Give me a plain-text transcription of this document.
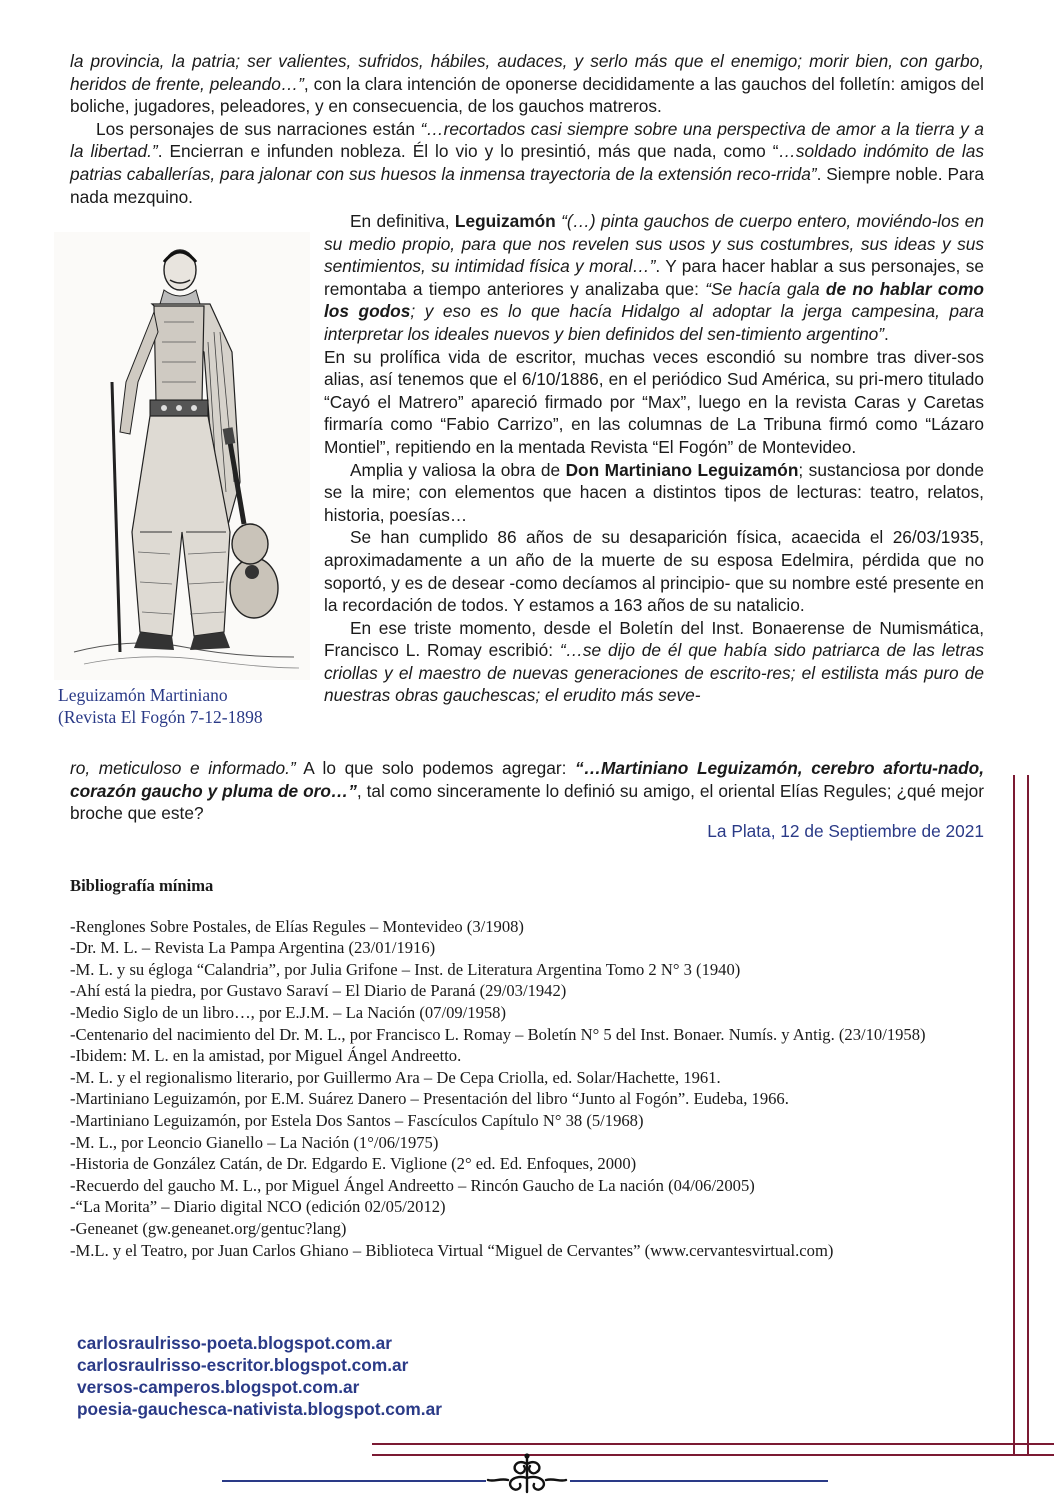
la provincia, la patria; ser valientes, sufridos, hábiles, audaces, y serlo más que el enemigo; morir bien, con garbo, heridos de frente, peleando…”, con la clara intención de oponerse decididamente a las gauchos del folletín: amigos del boliche, jugadores, peleadores, y en consecuencia, de los gauchos matreros.

Los personajes de sus narraciones están “…recortados casi siempre sobre una perspectiva de amor a la tierra y a la libertad.”. Encierran e infunden nobleza. Él lo vio y lo presintió, más que nada, como “…soldado indómito de las patrias caballerías, para jalonar con sus huesos la inmensa trayectoria de la extensión reco-rrida”. Siempre noble. Para nada mezquino.

Leguizamón Martiniano
(Revista El Fogón 7-12-1898

En definitiva, Leguizamón “(…) pinta gauchos de cuerpo entero, moviéndo-los en su medio propio, para que nos revelen sus usos y sus costumbres, sus ideas y sus sentimientos, su intimidad física y moral…”. Y para hacer hablar a sus personajes, se remontaba a tiempo anteriores y analizaba que: “Se hacía gala de no hablar como los godos; y eso es lo que hacía Hidalgo al adoptar la jerga campesina, para interpretar los ideales nuevos y bien definidos del sen-timiento argentino”.

En su prolífica vida de escritor, muchas veces escondió su nombre tras diver-sos alias, así tenemos que el 6/10/1886, en el periódico Sud América, su pri-mero titulado “Cayó el Matrero” apareció firmado por “Max”, luego en la revista Caras y Caretas firmaría como “Fabio Carrizo”, en las columnas de La Tribuna firmó como “Lázaro Montiel”, repitiendo en la mentada Revista “El Fogón” de Montevideo.

Amplia y valiosa la obra de Don Martiniano Leguizamón; sustanciosa por donde se la mire; con elementos que hacen a distintos tipos de lecturas: teatro, relatos, historia, poesías…

Se han cumplido 86 años de su desaparición física, acaecida el 26/03/1935, aproximadamente a un año de la muerte de su esposa Edelmira, pérdida que no soportó, y es de desear -como decíamos al principio- que su nombre esté presente en la recordación de todos. Y estamos a 163 años de su natalicio.

En ese triste momento, desde el Boletín del Inst. Bonaerense de Numismática, Francisco L. Romay escribió: “…se dijo de él que había sido patriarca de las letras criollas y el maestro de nuevas generaciones de escrito-res; el estilista más puro de nuestras obras gauchescas; el erudito más seve-

ro, meticuloso e informado.” A lo que solo podemos agregar: “…Martiniano Leguizamón, cerebro afortu-nado, corazón gaucho y pluma de oro…”, tal como sinceramente lo definió su amigo, el oriental Elías Regules; ¿qué mejor broche que este?

La Plata, 12 de Septiembre de 2021
Bibliografía mínima
-Renglones Sobre Postales, de Elías Regules – Montevideo (3/1908)
-Dr. M. L. – Revista La Pampa Argentina (23/01/1916)
-M. L. y su égloga “Calandria”, por Julia Grifone – Inst. de Literatura Argentina Tomo 2 N° 3 (1940)
-Ahí está la piedra, por Gustavo Saraví – El Diario de Paraná (29/03/1942)
-Medio Siglo de un libro…, por E.J.M. – La Nación (07/09/1958)
-Centenario del nacimiento del Dr. M. L., por Francisco L. Romay – Boletín N° 5 del Inst. Bonaer. Numís. y Antig. (23/10/1958)
-Ibidem: M. L. en la amistad, por Miguel Ángel Andreetto.
-M. L. y el regionalismo literario, por Guillermo Ara – De Cepa Criolla, ed. Solar/Hachette, 1961.
-Martiniano Leguizamón, por E.M. Suárez Danero – Presentación del libro “Junto al Fogón”. Eudeba, 1966.
-Martiniano Leguizamón, por Estela Dos Santos – Fascículos Capítulo N° 38 (5/1968)
-M. L., por Leoncio Gianello – La Nación (1°/06/1975)
-Historia de González Catán, de Dr. Edgardo E. Viglione (2° ed. Ed. Enfoques, 2000)
-Recuerdo del gaucho M. L., por Miguel Ángel Andreetto – Rincón Gaucho de La nación (04/06/2005)
-“La Morita” – Diario digital NCO (edición 02/05/2012)
-Geneanet (gw.geneanet.org/gentuc?lang)
-M.L. y el Teatro, por Juan Carlos Ghiano – Biblioteca Virtual “Miguel de Cervantes” (www.cervantesvirtual.com)
carlosraulrisso-poeta.blogspot.com.ar
carlosraulrisso-escritor.blogspot.com.ar
versos-camperos.blogspot.com.ar
poesia-gauchesca-nativista.blogspot.com.ar
